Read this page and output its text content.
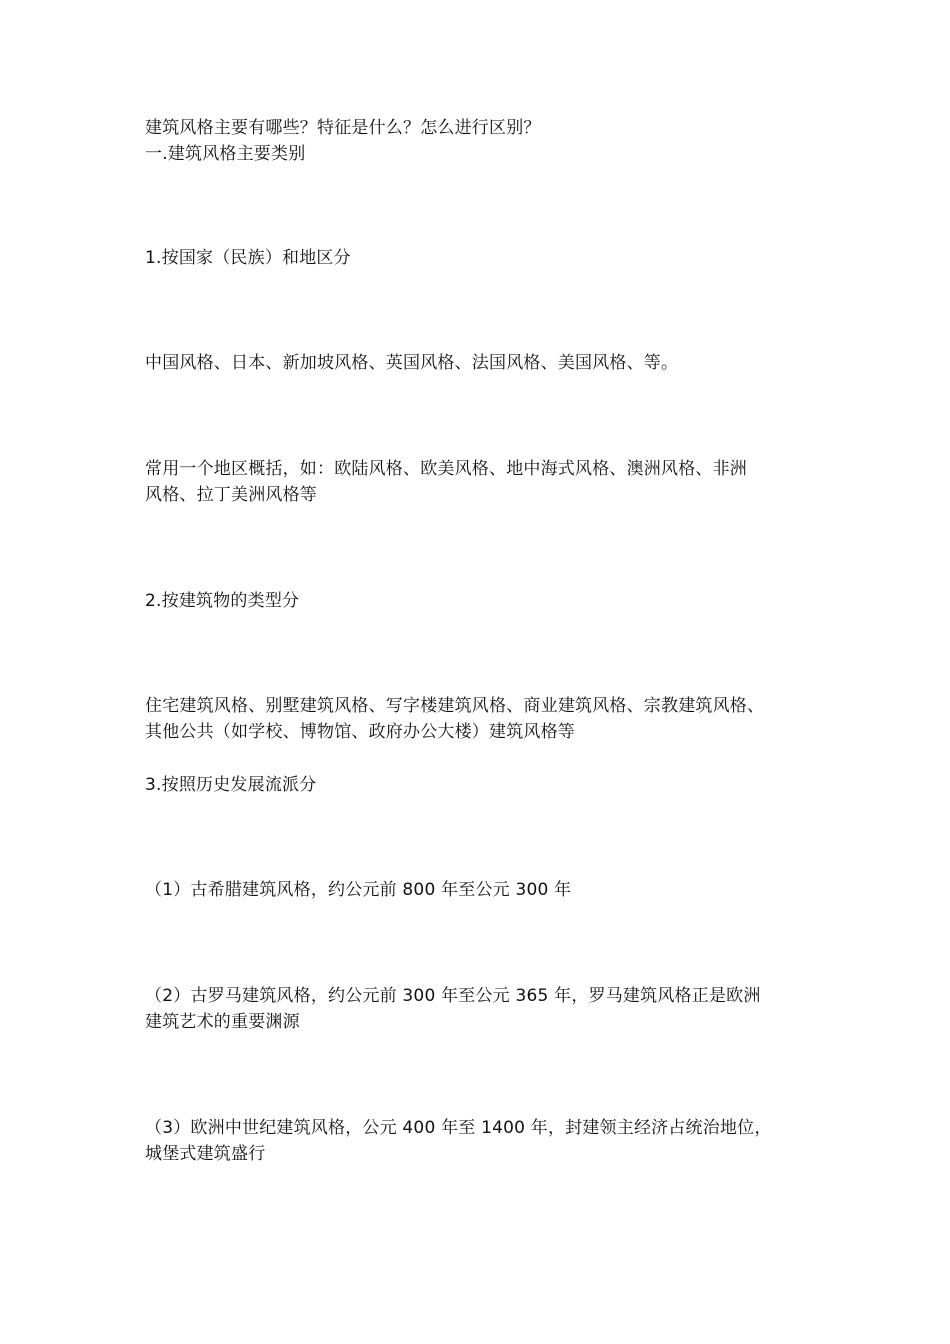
建筑风格主要有哪些？特征是什么？怎么进行区别？
一.建筑风格主要类别
1.按国家（民族）和地区分
中国风格、日本、新加坡风格、英国风格、法国风格、美国风格、等。
常用一个地区概括，如：欧陆风格、欧美风格、地中海式风格、澳洲风格、非洲
风格、拉丁美洲风格等
2.按建筑物的类型分
住宅建筑风格、别墅建筑风格、写字楼建筑风格、商业建筑风格、宗教建筑风格、
其他公共（如学校、博物馆、政府办公大楼）建筑风格等
3.按照历史发展流派分
（1）古希腊建筑风格，约公元前 800 年至公元 300 年
（2）古罗马建筑风格，约公元前 300 年至公元 365 年，罗马建筑风格正是欧洲
建筑艺术的重要渊源
（3）欧洲中世纪建筑风格，公元 400 年至 1400 年，封建领主经济占统治地位，
城堡式建筑盛行
